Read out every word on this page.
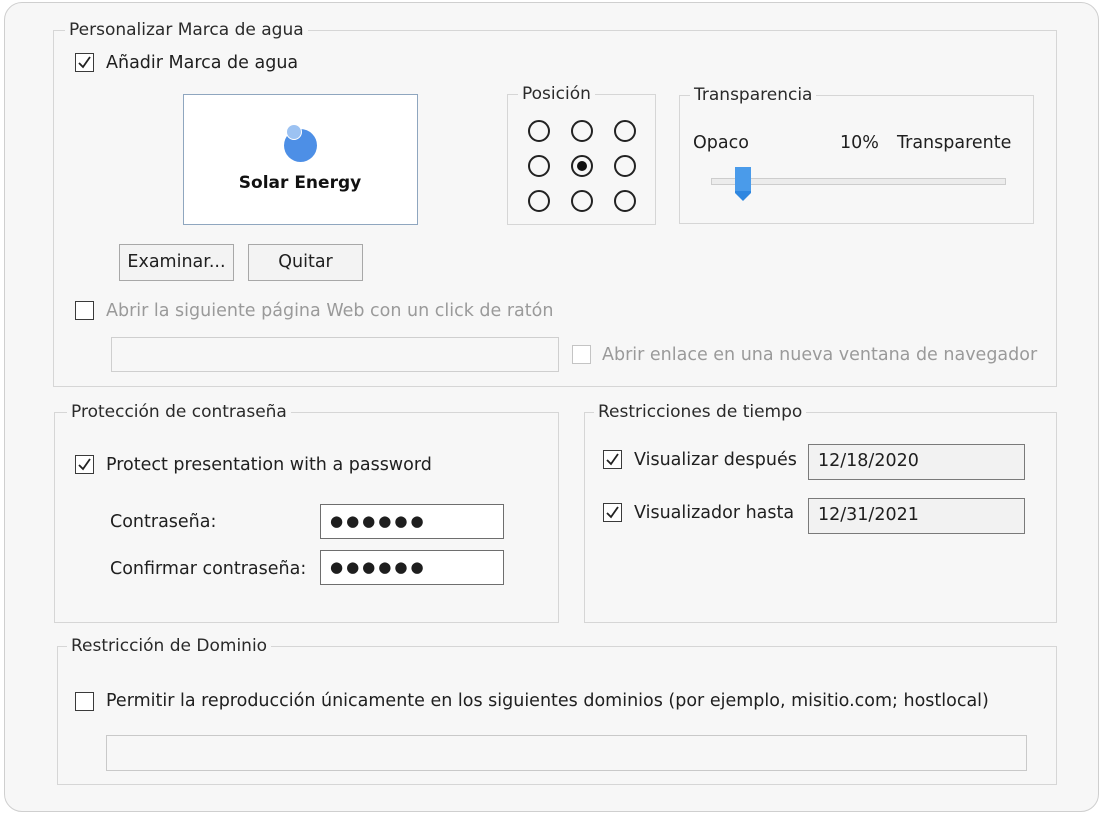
Personalizar Marca de agua
Añadir Marca de agua
Solar Energy
Examinar...	Quitar
Abrir la siguiente página Web con un click de ratón
Abrir enlace en una nueva ventana de navegador
Posición	Transparencia
Opaco	10% Transparente
Protección de contraseña
Protect presentation with a password
Contraseña:	●●●●●●
Confirmar contraseña:	●●●●●●
Restricciones de tiempo
Visualizar después	12/18/2020
Visualizador hasta	12/31/2021
Restricción de Dominio
Permitir la reproducción únicamente en los siguientes dominios (por ejemplo, misitio.com; hostlocal)
